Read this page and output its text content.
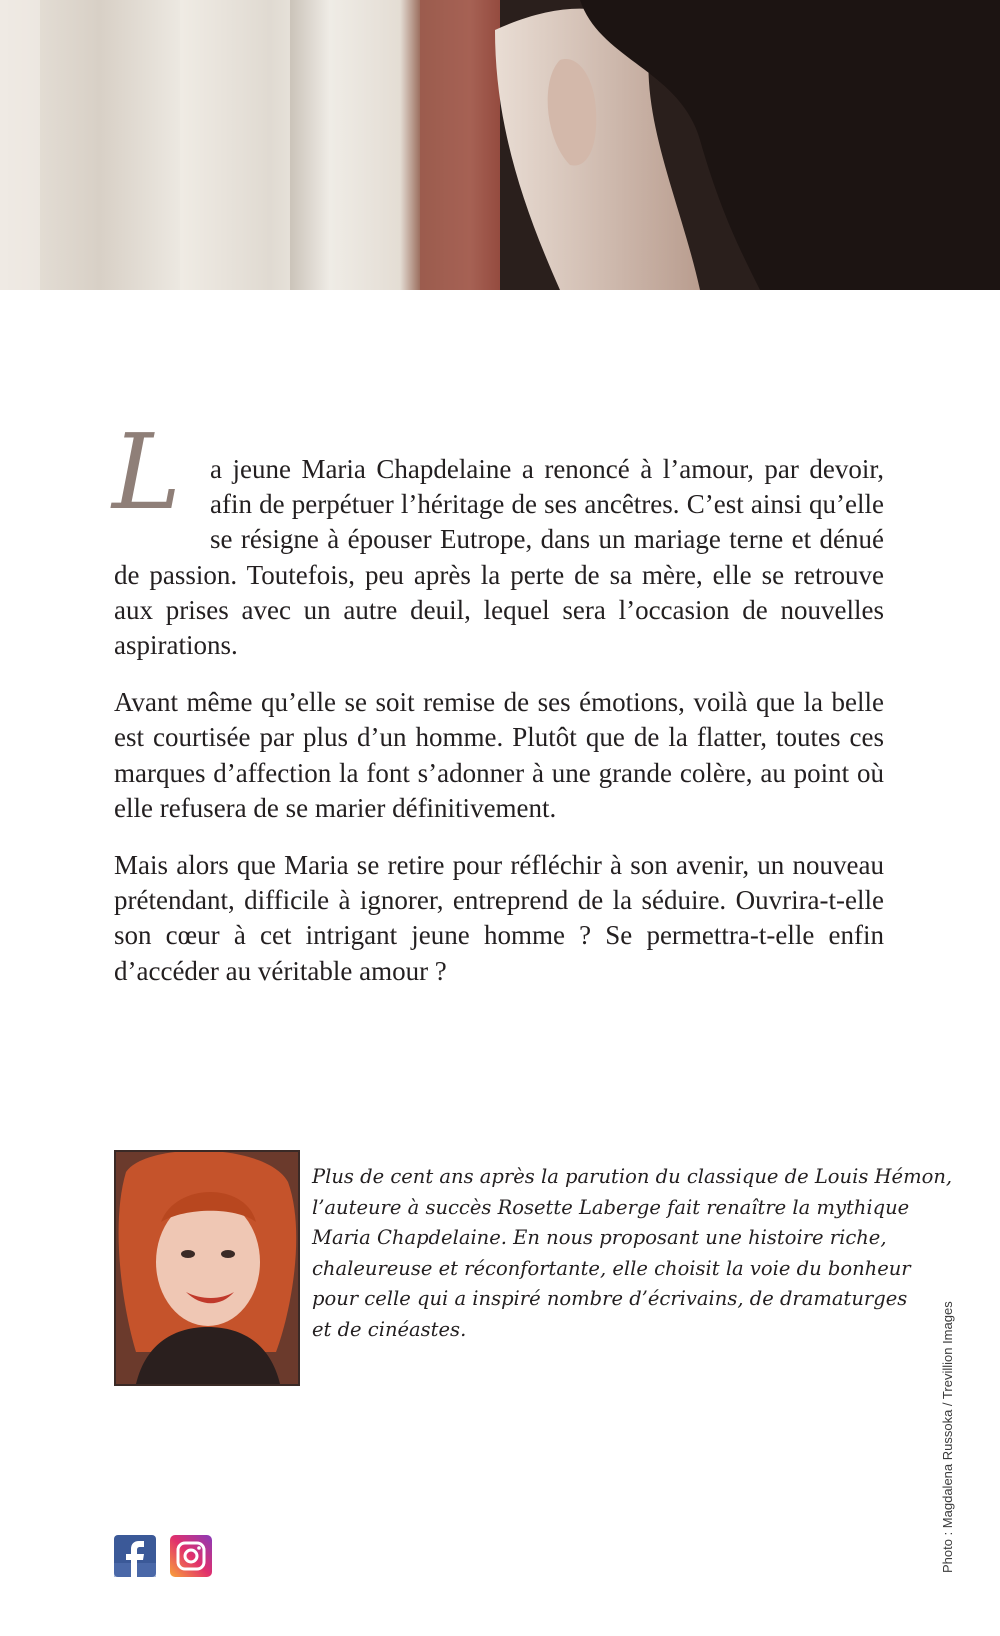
L a jeune Maria Chapdelaine a renoncé à l’amour, par devoir, afin de perpétuer l’héritage de ses ancêtres. C’est ainsi qu’elle se résigne à épouser Eutrope, dans un mariage terne et dénué de passion. Toutefois, peu après la perte de sa mère, elle se retrouve aux prises avec un autre deuil, lequel sera l’occasion de nouvelles aspirations.

Avant même qu’elle se soit remise de ses émotions, voilà que la belle est courtisée par plus d’un homme. Plutôt que de la flatter, toutes ces marques d’affection la font s’adonner à une grande colère, au point où elle refusera de se marier définitivement.

Mais alors que Maria se retire pour réfléchir à son avenir, un nouveau prétendant, difficile à ignorer, entreprend de la séduire. Ouvrira-t-elle son cœur à cet intrigant jeune homme ? Se permettra-t-elle enfin d’accéder au véritable amour ?

Plus de cent ans après la parution du classique de Louis Hémon,
l’auteure à succès Rosette Laberge fait renaître la mythique
Maria Chapdelaine. En nous proposant une histoire riche,
chaleureuse et réconfortante, elle choisit la voie du bonheur
pour celle qui a inspiré nombre d’écrivains, de dramaturges
et de cinéastes.	Photo : Magdalena Russoka / Trevillion Images
